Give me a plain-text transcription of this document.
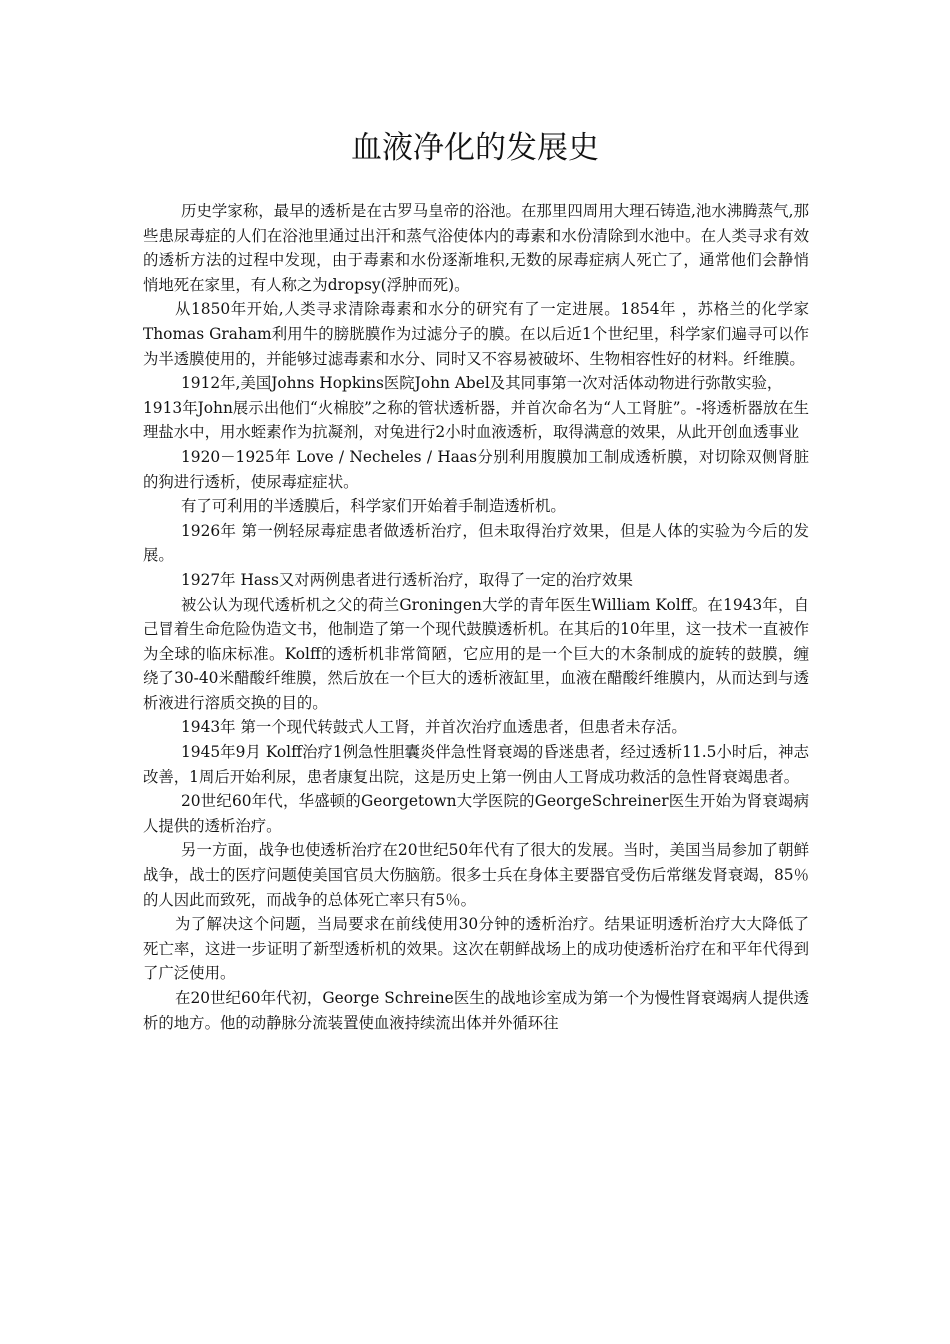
血液净化的发展史

历史学家称，最早的透析是在古罗马皇帝的浴池。在那里四周用大理石铸造,池水沸腾蒸气,那些患尿毒症的人们在浴池里通过出汗和蒸气浴使体内的毒素和水份清除到水池中。在人类寻求有效的透析方法的过程中发现，由于毒素和水份逐渐堆积,无数的尿毒症病人死亡了，通常他们会静悄悄地死在家里，有人称之为dropsy(浮肿而死)。

从1850年开始,人类寻求清除毒素和水分的研究有了一定进展。1854年 ，苏格兰的化学家Thomas Graham利用牛的膀胱膜作为过滤分子的膜。在以后近1个世纪里，科学家们遍寻可以作为半透膜使用的，并能够过滤毒素和水分、同时又不容易被破坏、生物相容性好的材料。纤维膜。

1912年,美国Johns Hopkins医院John Abel及其同事第一次对活体动物进行弥散实验，

1913年John展示出他们“火棉胶”之称的管状透析器，并首次命名为“人工肾脏”。-将透析器放在生理盐水中，用水蛭素作为抗凝剂，对兔进行2小时血液透析，取得满意的效果，从此开创血透事业

1920－1925年 Love / Necheles / Haas分别利用腹膜加工制成透析膜，对切除双侧肾脏的狗进行透析，使尿毒症症状。

有了可利用的半透膜后，科学家们开始着手制造透析机。

1926年 第一例轻尿毒症患者做透析治疗，但未取得治疗效果，但是人体的实验为今后的发展。

1927年 Hass又对两例患者进行透析治疗，取得了一定的治疗效果

被公认为现代透析机之父的荷兰Groningen大学的青年医生William Kolff。在1943年，自己冒着生命危险伪造文书，他制造了第一个现代鼓膜透析机。在其后的10年里，这一技术一直被作为全球的临床标准。Kolff的透析机非常简陋，它应用的是一个巨大的木条制成的旋转的鼓膜，缠绕了30-40米醋酸纤维膜，然后放在一个巨大的透析液缸里，血液在醋酸纤维膜内，从而达到与透析液进行溶质交换的目的。

1943年 第一个现代转鼓式人工肾，并首次治疗血透患者，但患者未存活。

1945年9月 Kolff治疗1例急性胆囊炎伴急性肾衰竭的昏迷患者，经过透析11.5小时后，神志改善，1周后开始利尿，患者康复出院，这是历史上第一例由人工肾成功救活的急性肾衰竭患者。

20世纪60年代，华盛顿的Georgetown大学医院的GeorgeSchreiner医生开始为肾衰竭病人提供的透析治疗。

另一方面，战争也使透析治疗在20世纪50年代有了很大的发展。当时，美国当局参加了朝鲜战争，战士的医疗问题使美国官员大伤脑筋。很多士兵在身体主要器官受伤后常继发肾衰竭，85％的人因此而致死，而战争的总体死亡率只有5％。

为了解决这个问题，当局要求在前线使用30分钟的透析治疗。结果证明透析治疗大大降低了死亡率，这进一步证明了新型透析机的效果。这次在朝鲜战场上的成功使透析治疗在和平年代得到了广泛使用。

在20世纪60年代初，George Schreine医生的战地诊室成为第一个为慢性肾衰竭病人提供透析的地方。他的动静脉分流装置使血液持续流出体并外循环往
